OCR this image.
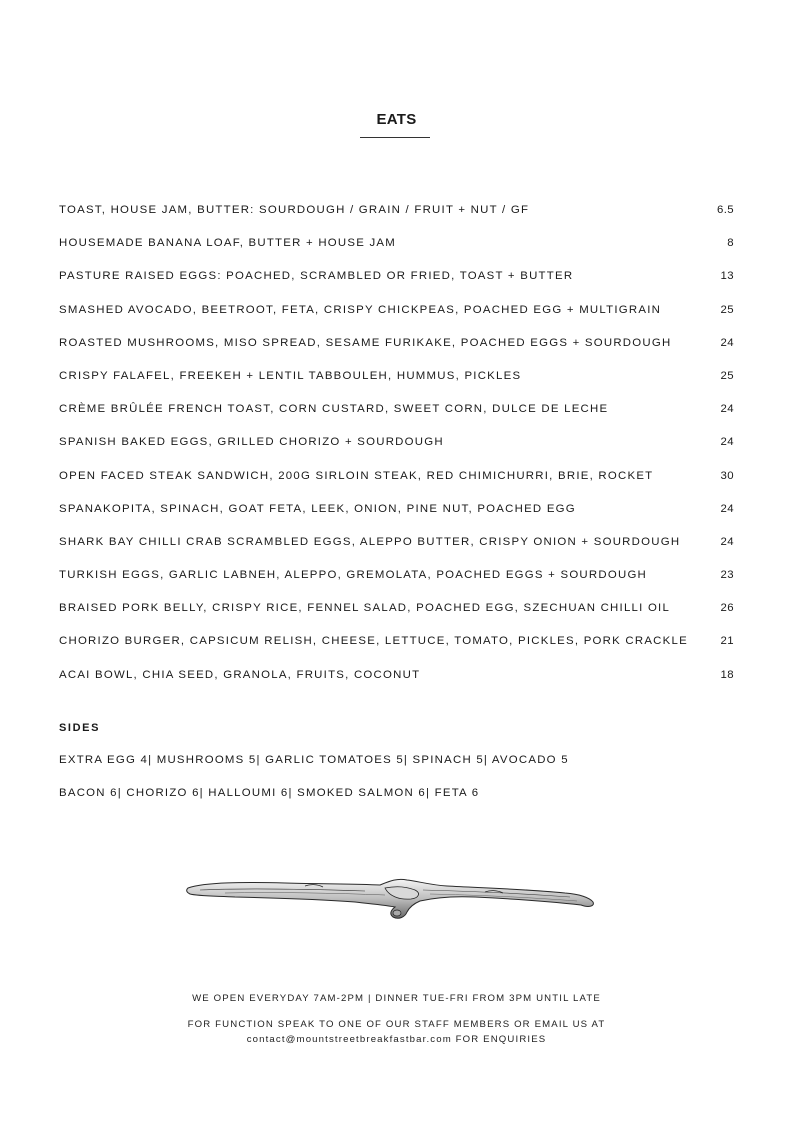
EATS
TOAST, HOUSE JAM, BUTTER: SOURDOUGH / GRAIN / FRUIT + NUT / GF	6.5
HOUSEMADE BANANA LOAF, BUTTER + HOUSE JAM	8
PASTURE RAISED EGGS: POACHED, SCRAMBLED OR FRIED, TOAST + BUTTER	13
SMASHED AVOCADO, BEETROOT, FETA, CRISPY CHICKPEAS, POACHED EGG + MULTIGRAIN	25
ROASTED MUSHROOMS, MISO SPREAD, SESAME FURIKAKE, POACHED EGGS + SOURDOUGH	24
CRISPY FALAFEL, FREEKEH + LENTIL TABBOULEH, HUMMUS, PICKLES	25
CRÈME BRÛLÉE FRENCH TOAST, CORN CUSTARD, SWEET CORN, DULCE DE LECHE	24
SPANISH BAKED EGGS, GRILLED CHORIZO + SOURDOUGH	24
OPEN FACED STEAK SANDWICH, 200G SIRLOIN STEAK, RED CHIMICHURRI, BRIE, ROCKET	30
SPANAKOPITA, SPINACH, GOAT FETA, LEEK, ONION, PINE NUT, POACHED EGG	24
SHARK BAY CHILLI CRAB SCRAMBLED EGGS, ALEPPO BUTTER, CRISPY ONION + SOURDOUGH	24
TURKISH EGGS, GARLIC LABNEH, ALEPPO, GREMOLATA, POACHED EGGS + SOURDOUGH	23
BRAISED PORK BELLY, CRISPY RICE, FENNEL SALAD, POACHED EGG, SZECHUAN CHILLI OIL	26
CHORIZO BURGER, CAPSICUM RELISH, CHEESE, LETTUCE, TOMATO, PICKLES, PORK CRACKLE	21
ACAI BOWL, CHIA SEED, GRANOLA, FRUITS, COCONUT	18
SIDES
EXTRA EGG 4| MUSHROOMS 5| GARLIC TOMATOES 5| SPINACH 5| AVOCADO 5
BACON 6| CHORIZO 6| HALLOUMI 6| SMOKED SALMON 6| FETA 6
WE OPEN EVERYDAY 7AM-2PM | DINNER TUE-FRI FROM 3PM UNTIL LATE
FOR FUNCTION SPEAK TO ONE OF OUR STAFF MEMBERS OR EMAIL US AT
contact@mountstreetbreakfastbar.com FOR ENQUIRIES
